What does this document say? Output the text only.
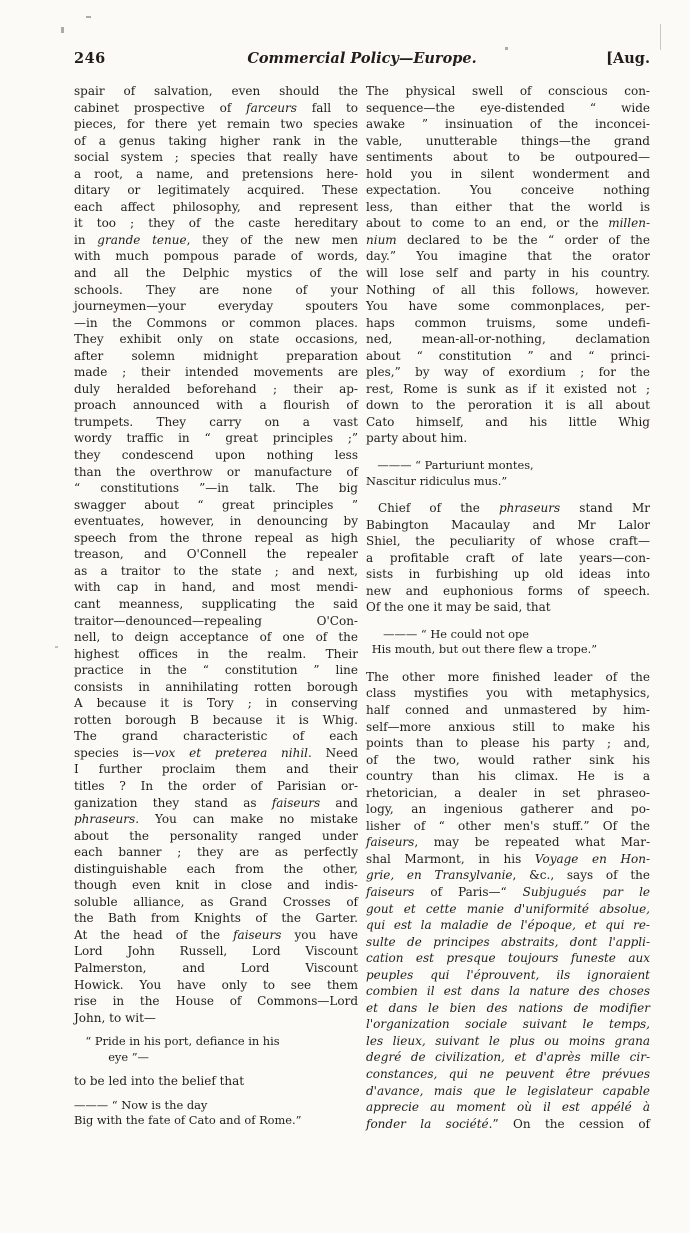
246	Commercial Policy—Europe.	[Aug.
spair of salvation, even should the
cabinet prospective of farceurs fall to
pieces, for there yet remain two species
of a genus taking higher rank in the
social system ; species that really have
a root, a name, and pretensions here-
ditary or legitimately acquired. These
each affect philosophy, and represent
it too ; they of the caste hereditary
in grande tenue, they of the new men
with much pompous parade of words,
and all the Delphic mystics of the
schools. They are none of your
journeymen—your everyday spouters
—in the Commons or common places.
They exhibit only on state occasions,
after solemn midnight preparation
made ; their intended movements are
duly heralded beforehand ; their ap-
proach announced with a flourish of
trumpets. They carry on a vast
wordy traffic in “ great principles ;”
they condescend upon nothing less
than the overthrow or manufacture of
“ constitutions ”—in talk. The big
swagger about “ great principles ”
eventuates, however, in denouncing by
speech from the throne repeal as high
treason, and O'Connell the repealer
as a traitor to the state ; and next,
with cap in hand, and most mendi-
cant meanness, supplicating the said
traitor—denounced—repealing O'Con-
nell, to deign acceptance of one of the
highest offices in the realm. Their
practice in the “ constitution ” line
consists in annihilating rotten borough
A because it is Tory ; in conserving
rotten borough B because it is Whig.
The grand characteristic of each
species is—vox et preterea nihil. Need
I further proclaim them and their
titles ? In the order of Parisian or-
ganization they stand as faiseurs and
phraseurs. You can make no mistake
about the personality ranged under
each banner ; they are as perfectly
distinguishable each from the other,
though even knit in close and indis-
soluble alliance, as Grand Crosses of
the Bath from Knights of the Garter.
At the head of the faiseurs you have
Lord John Russell, Lord Viscount
Palmerston, and Lord Viscount
Howick. You have only to see them
rise in the House of Commons—Lord
John, to wit—
“ Pride in his port, defiance in his
eye ”—
to be led into the belief that
——— “ Now is the day
Big with the fate of Cato and of Rome.”
The physical swell of conscious con-
sequence—the eye-distended “ wide
awake ” insinuation of the inconcei-
vable, unutterable things—the grand
sentiments about to be outpoured—
hold you in silent wonderment and
expectation. You conceive nothing
less, than either that the world is
about to come to an end, or the millen-
nium declared to be the “ order of the
day.” You imagine that the orator
will lose self and party in his country.
Nothing of all this follows, however.
You have some commonplaces, per-
haps common truisms, some undefi-
ned, mean-all-or-nothing, declamation
about “ constitution ” and “ princi-
ples,” by way of exordium ; for the
rest, Rome is sunk as if it existed not ;
down to the peroration it is all about
Cato himself, and his little Whig
party about him.
——— “ Parturiunt montes,
Nascitur ridiculus mus.”
Chief of the phraseurs stand Mr
Babington Macaulay and Mr Lalor
Shiel, the peculiarity of whose craft—
a profitable craft of late years—con-
sists in furbishing up old ideas into
new and euphonious forms of speech.
Of the one it may be said, that
——— “ He could not ope
His mouth, but out there flew a trope.”
The other more finished leader of the
class mystifies you with metaphysics,
half conned and unmastered by him-
self—more anxious still to make his
points than to please his party ; and,
of the two, would rather sink his
country than his climax. He is a
rhetorician, a dealer in set phraseo-
logy, an ingenious gatherer and po-
lisher of “ other men's stuff.” Of the
faiseurs, may be repeated what Mar-
shal Marmont, in his Voyage en Hon-
grie, en Transylvanie, &c., says of the
faiseurs of Paris—“ Subjugués par le
gout et cette manie d'uniformité absolue,
qui est la maladie de l'époque, et qui re-
sulte de principes abstraits, dont l'appli-
cation est presque toujours funeste aux
peuples qui l'éprouvent, ils ignoraient
combien il est dans la nature des choses
et dans le bien des nations de modifier
l'organization sociale suivant le temps,
les lieux, suivant le plus ou moins grana
degré de civilization, et d'après mille cir-
constances, qui ne peuvent être prévues
d'avance, mais que le legislateur capable
apprecie au moment où il est appélé à
fonder la société.” On the cession of
